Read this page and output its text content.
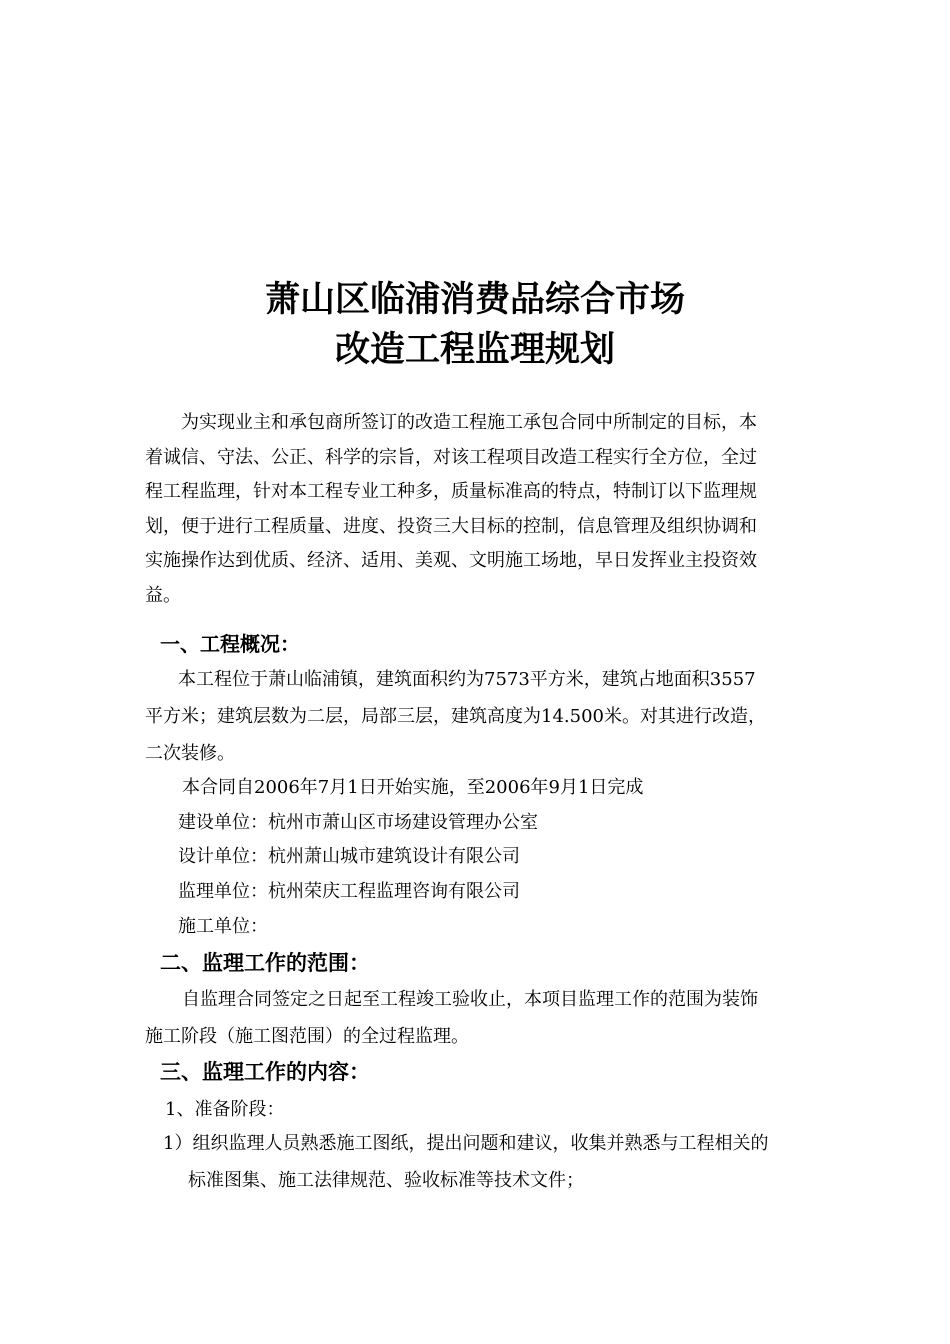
萧山区临浦消费品综合市场
改造工程监理规划
为实现业主和承包商所签订的改造工程施工承包合同中所制定的目标，本
着诚信、守法、公正、科学的宗旨，对该工程项目改造工程实行全方位，全过
程工程监理，针对本工程专业工种多，质量标准高的特点，特制订以下监理规
划，便于进行工程质量、进度、投资三大目标的控制，信息管理及组织协调和
实施操作达到优质、经济、适用、美观、文明施工场地，早日发挥业主投资效
益。
一、工程概况：
本工程位于萧山临浦镇，建筑面积约为7573平方米，建筑占地面积3557
平方米；建筑层数为二层，局部三层，建筑高度为14.500米。对其进行改造，
二次装修。
本合同自2006年7月1日开始实施，至2006年9月1日完成
建设单位：杭州市萧山区市场建设管理办公室
设计单位：杭州萧山城市建筑设计有限公司
监理单位：杭州荣庆工程监理咨询有限公司
施工单位：
二、监理工作的范围：
自监理合同签定之日起至工程竣工验收止，本项目监理工作的范围为装饰
施工阶段（施工图范围）的全过程监理。
三、监理工作的内容：
1、准备阶段：
1）组织监理人员熟悉施工图纸，提出问题和建议，收集并熟悉与工程相关的
标准图集、施工法律规范、验收标准等技术文件；
